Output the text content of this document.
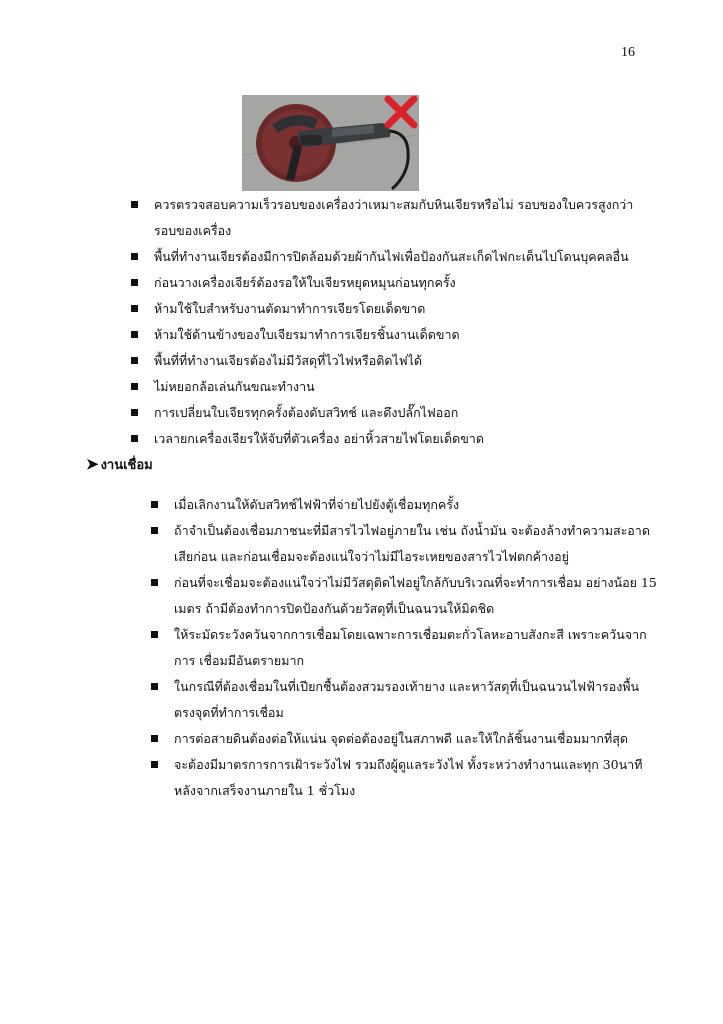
16
ควรตรวจสอบความเร็วรอบของเครื่องว่าเหมาะสมกับหินเจียรหรือไม่ รอบของใบควรสูงกว่ารอบของเครื่อง
พื้นที่ทำงานเจียรต้องมีการปิดล้อมด้วยผ้ากันไฟเพื่อป้องกันสะเก็ดไฟกะเด็นไปโดนบุคคลอื่น
ก่อนวางเครื่องเจียร์ต้องรอให้ใบเจียรหยุดหมุนก่อนทุกครั้ง
ห้ามใช้ใบสำหรับงานตัดมาทำการเจียรโดยเด็ดขาด
ห้ามใช้ด้านข้างของใบเจียรมาทำการเจียรชิ้นงานเด็ดขาด
พื้นที่ที่ทำงานเจียรต้องไม่มีวัสดุที่ไวไฟหรือติดไฟได้
ไม่หยอกล้อเล่นกันขณะทำงาน
การเปลี่ยนใบเจียรทุกครั้งต้องดับสวิทช์ และดึงปลั๊กไฟออก
เวลายกเครื่องเจียรให้จับที่ตัวเครื่อง อย่าหิ้วสายไฟโดยเด็ดขาด
➤ งานเชื่อม
เมื่อเลิกงานให้ดับสวิทช์ไฟฟ้าที่จ่ายไปยังตู้เชื่อมทุกครั้ง
ถ้าจำเป็นต้องเชื่อมภาชนะที่มีสารไวไฟอยู่ภายใน เช่น ถังน้ำมัน จะต้องล้างทำความสะอาดเสียก่อน และก่อนเชื่อมจะต้องแน่ใจว่าไม่มีไอระเหยของสารไวไฟตกค้างอยู่
ก่อนที่จะเชื่อมจะต้องแน่ใจว่าไม่มีวัสดุติดไฟอยู่ใกล้กับบริเวณที่จะทำการเชื่อม อย่างน้อย 15 เมตร ถ้ามีต้องทำการปิดป้องกันด้วยวัสดุที่เป็นฉนวนให้มิดชิด
ให้ระมัดระวังควันจากการเชื่อมโดยเฉพาะการเชื่อมตะกั่วโลหะอาบสังกะสี เพราะควันจากการ เชื่อมมีอันตรายมาก
ในกรณีที่ต้องเชื่อมในที่เปียกชื้นต้องสวมรองเท้ายาง และหาวัสดุที่เป็นฉนวนไฟฟ้ารองพื้นตรงจุดที่ทำการเชื่อม
การต่อสายดินต้องต่อให้แน่น จุดต่อต้องอยู่ในสภาพดี และให้ใกล้ชิ้นงานเชื่อมมากที่สุด
จะต้องมีมาตรการการเฝ้าระวังไฟ รวมถึงผู้ดูแลระวังไฟ ทั้งระหว่างทำงานและทุก 30นาทีหลังจากเสร็จงานภายใน 1 ชั่วโมง
